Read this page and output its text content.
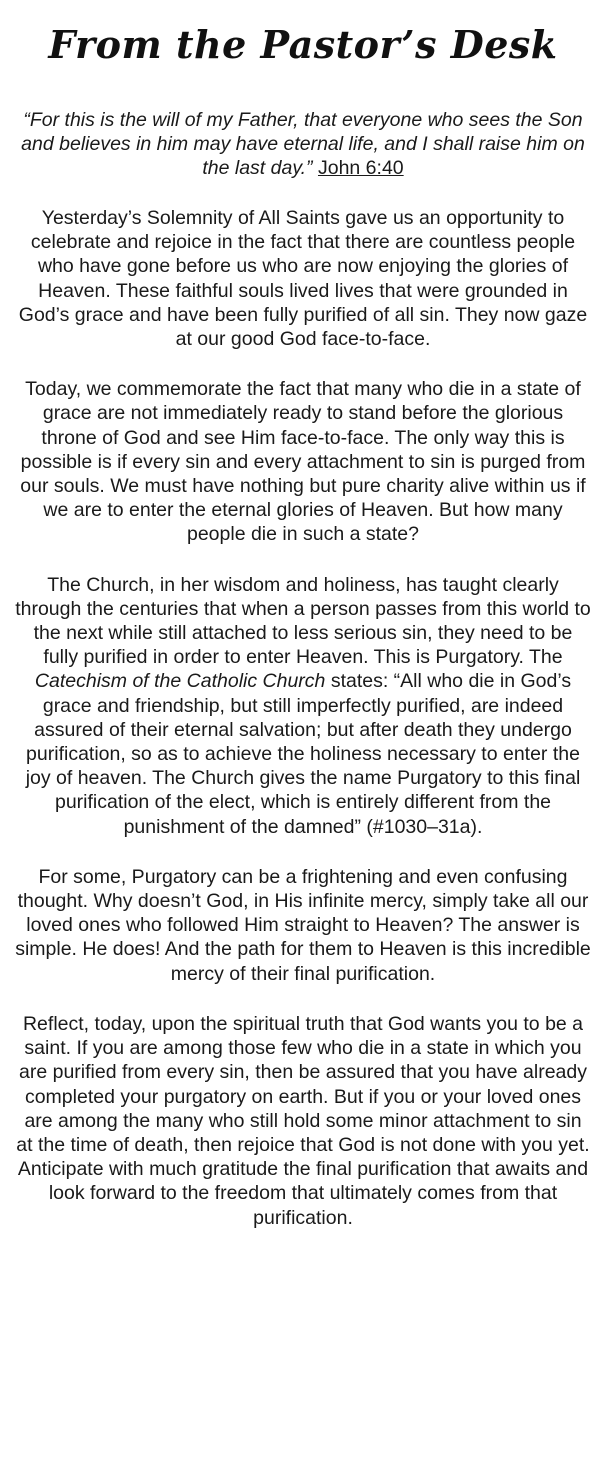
From the Pastor’s Desk

“For this is the will of my Father, that everyone who sees the Son and believes in him may have eternal life, and I shall raise him on the last day.” John 6:40

Yesterday’s Solemnity of All Saints gave us an opportunity to celebrate and rejoice in the fact that there are countless people who have gone before us who are now enjoying the glories of Heaven. These faithful souls lived lives that were grounded in God’s grace and have been fully purified of all sin. They now gaze at our good God face-to-face.

Today, we commemorate the fact that many who die in a state of grace are not immediately ready to stand before the glorious throne of God and see Him face-to-face. The only way this is possible is if every sin and every attachment to sin is purged from our souls. We must have nothing but pure charity alive within us if we are to enter the eternal glories of Heaven. But how many people die in such a state?

The Church, in her wisdom and holiness, has taught clearly through the centuries that when a person passes from this world to the next while still attached to less serious sin, they need to be fully purified in order to enter Heaven. This is Purgatory. The Catechism of the Catholic Church states: “All who die in God’s grace and friendship, but still imperfectly purified, are indeed assured of their eternal salvation; but after death they undergo purification, so as to achieve the holiness necessary to enter the joy of heaven. The Church gives the name Purgatory to this final purification of the elect, which is entirely different from the punishment of the damned” (#1030–31a).

For some, Purgatory can be a frightening and even confusing thought. Why doesn’t God, in His infinite mercy, simply take all our loved ones who followed Him straight to Heaven? The answer is simple. He does! And the path for them to Heaven is this incredible mercy of their final purification.

Reflect, today, upon the spiritual truth that God wants you to be a saint. If you are among those few who die in a state in which you are purified from every sin, then be assured that you have already completed your purgatory on earth. But if you or your loved ones are among the many who still hold some minor attachment to sin at the time of death, then rejoice that God is not done with you yet. Anticipate with much gratitude the final purification that awaits and look forward to the freedom that ultimately comes from that purification.
